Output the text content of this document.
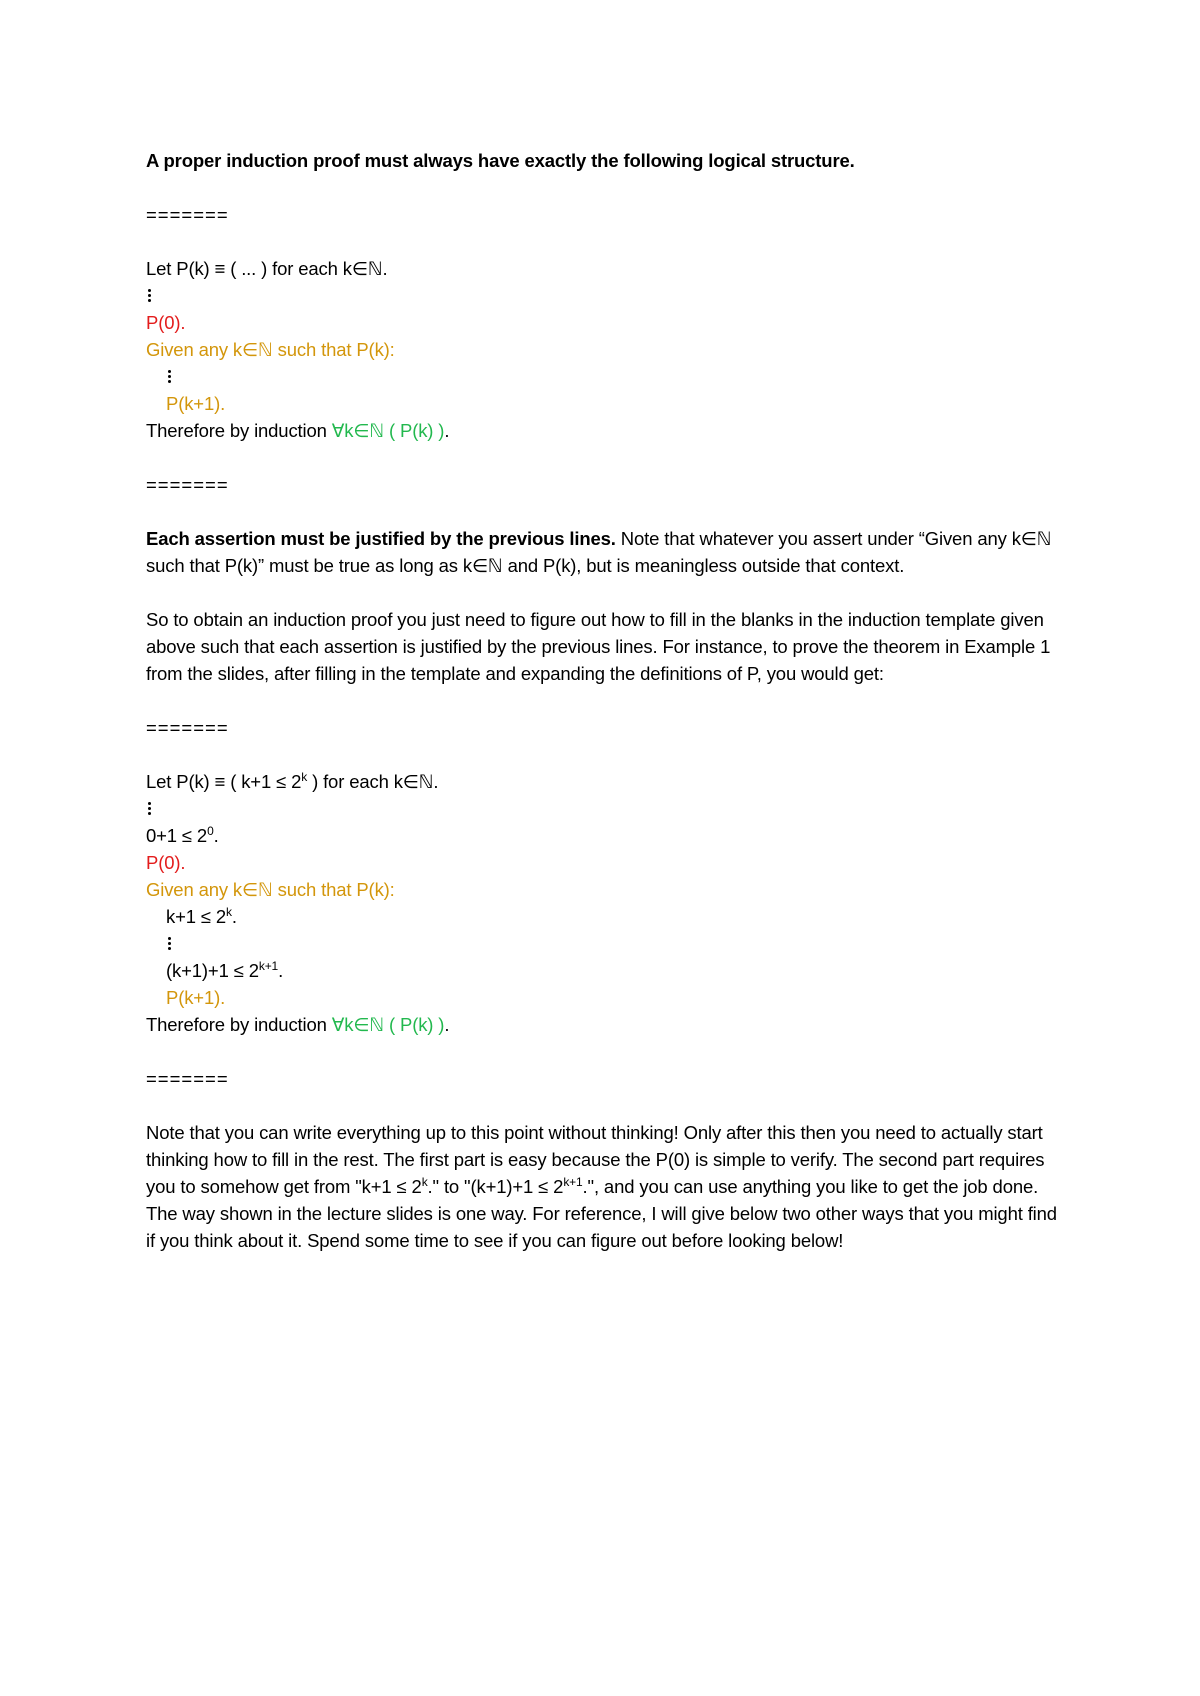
A proper induction proof must always have exactly the following logical structure.
=======
Let P(k) ≡ ( ... ) for each k∈ℕ.
P(0).
Given any k∈ℕ such that P(k):
P(k+1).
Therefore by induction ∀k∈ℕ ( P(k) ).
=======

Each assertion must be justified by the previous lines. Note that whatever you assert under “Given any k∈ℕ such that P(k)” must be true as long as k∈ℕ and P(k), but is meaningless outside that context.

So to obtain an induction proof you just need to figure out how to fill in the blanks in the induction template given above such that each assertion is justified by the previous lines. For instance, to prove the theorem in Example 1 from the slides, after filling in the template and expanding the definitions of P, you would get:

=======
Let P(k) ≡ ( $k+1 \le 2^k$ ) for each k∈ℕ.
$0+1 \le 2^0$.
P(0).
Given any k∈ℕ such that P(k):
$k+1 \le 2^k$.
$(k+1)+1 \le 2^{k+1}$.
P(k+1).
Therefore by induction ∀k∈ℕ ( P(k) ).
=======

Note that you can write everything up to this point without thinking! Only after this then you need to actually start thinking how to fill in the rest. The first part is easy because the P(0) is simple to verify. The second part requires you to somehow get from "$k+1 \le 2^k$." to "$(k+1)+1 \le 2^{k+1}$.", and you can use anything you like to get the job done. The way shown in the lecture slides is one way. For reference, I will give below two other ways that you might find if you think about it. Spend some time to see if you can figure out before looking below!
